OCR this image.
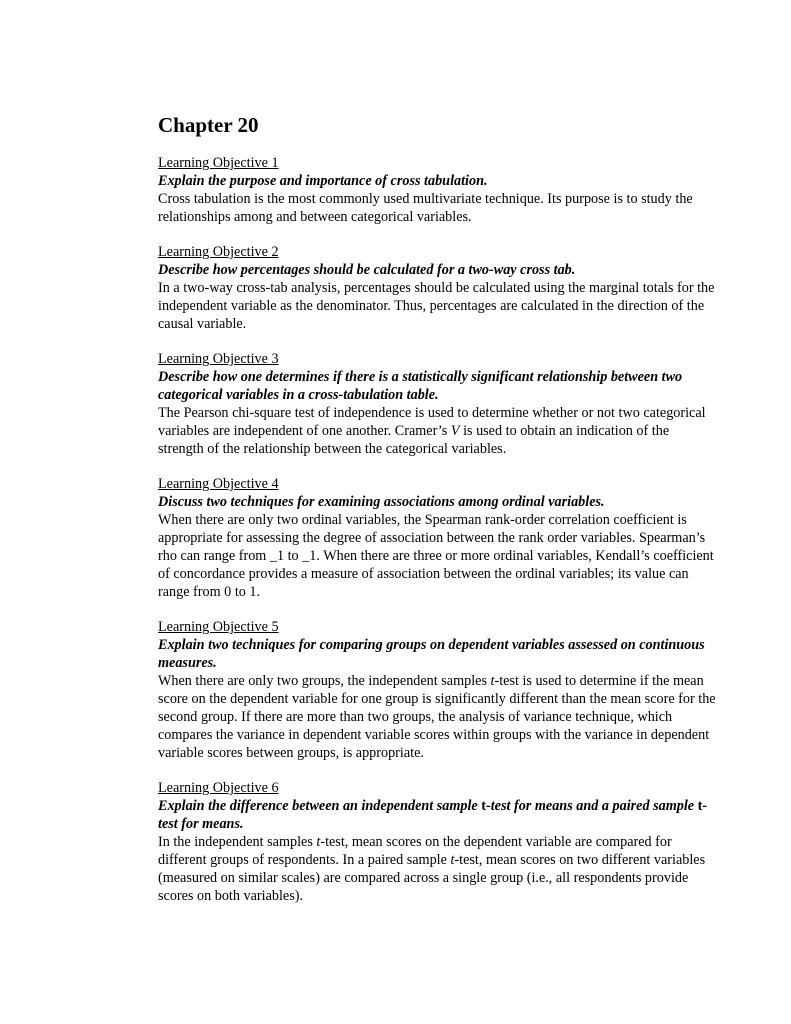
Chapter 20
Learning Objective 1
Explain the purpose and importance of cross tabulation.
Cross tabulation is the most commonly used multivariate technique. Its purpose is to study the relationships among and between categorical variables.
Learning Objective 2
Describe how percentages should be calculated for a two-way cross tab.
In a two-way cross-tab analysis, percentages should be calculated using the marginal totals for the independent variable as the denominator. Thus, percentages are calculated in the direction of the causal variable.
Learning Objective 3
Describe how one determines if there is a statistically significant relationship between two categorical variables in a cross-tabulation table.
The Pearson chi-square test of independence is used to determine whether or not two categorical variables are independent of one another. Cramer’s V is used to obtain an indication of the strength of the relationship between the categorical variables.
Learning Objective 4
Discuss two techniques for examining associations among ordinal variables.
When there are only two ordinal variables, the Spearman rank-order correlation coefficient is appropriate for assessing the degree of association between the rank order variables. Spearman’s rho can range from _1 to _1. When there are three or more ordinal variables, Kendall’s coefficient of concordance provides a measure of association between the ordinal variables; its value can range from 0 to 1.
Learning Objective 5
Explain two techniques for comparing groups on dependent variables assessed on continuous measures.
When there are only two groups, the independent samples t-test is used to determine if the mean score on the dependent variable for one group is significantly different than the mean score for the second group. If there are more than two groups, the analysis of variance technique, which compares the variance in dependent variable scores within groups with the variance in dependent variable scores between groups, is appropriate.
Learning Objective 6
Explain the difference between an independent sample t-test for means and a paired sample t-test for means.
In the independent samples t-test, mean scores on the dependent variable are compared for different groups of respondents. In a paired sample t-test, mean scores on two different variables (measured on similar scales) are compared across a single group (i.e., all respondents provide scores on both variables).
